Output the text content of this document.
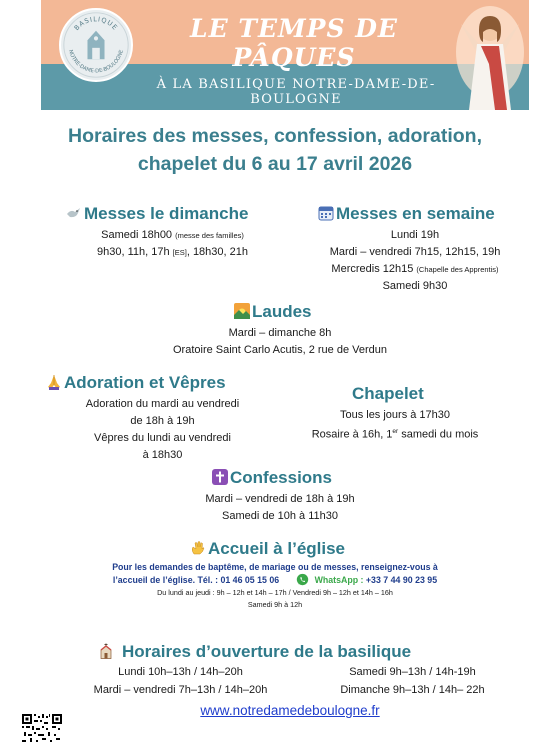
BASILIQUE
NOTRE-DAME-DE-BOULOGNE
LE TEMPS DE PÂQUES
À LA BASILIQUE NOTRE-DAME-DE-BOULOGNE
Horaires des messes, confession, adoration,
chapelet du 6 au 17 avril 2026
Messes le dimanche
Samedi 18h00 (messe des familles)
9h30, 11h, 17h [ES], 18h30, 21h
Messes en semaine
Lundi 19h
Mardi – vendredi 7h15, 12h15, 19h
Mercredis 12h15 (Chapelle des Apprentis)
Samedi 9h30
Laudes
Mardi – dimanche 8h
Oratoire Saint Carlo Acutis, 2 rue de Verdun
Adoration et Vêpres
Adoration du mardi au vendredi
de 18h à 19h
Vêpres du lundi au vendredi
à 18h30
Chapelet
Tous les jours à 17h30
Rosaire à 16h, 1er samedi du mois
Confessions
Mardi – vendredi de 18h à 19h
Samedi de 10h à 11h30
Accueil à l’église
Pour les demandes de baptême, de mariage ou de messes, renseignez-vous à
l’accueil de l’église. Tél. : 01 46 05 15 06	WhatsApp : +33 7 44 90 23 95
Du lundi au jeudi : 9h – 12h et 14h – 17h / Vendredi 9h – 12h et 14h – 16h
Samedi 9h à 12h
Horaires d’ouverture de la basilique
Lundi 10h–13h / 14h–20h	Samedi 9h–13h / 14h-19h
Mardi – vendredi 7h–13h / 14h–20h	Dimanche 9h–13h / 14h– 22h
www.notredamedeboulogne.fr
